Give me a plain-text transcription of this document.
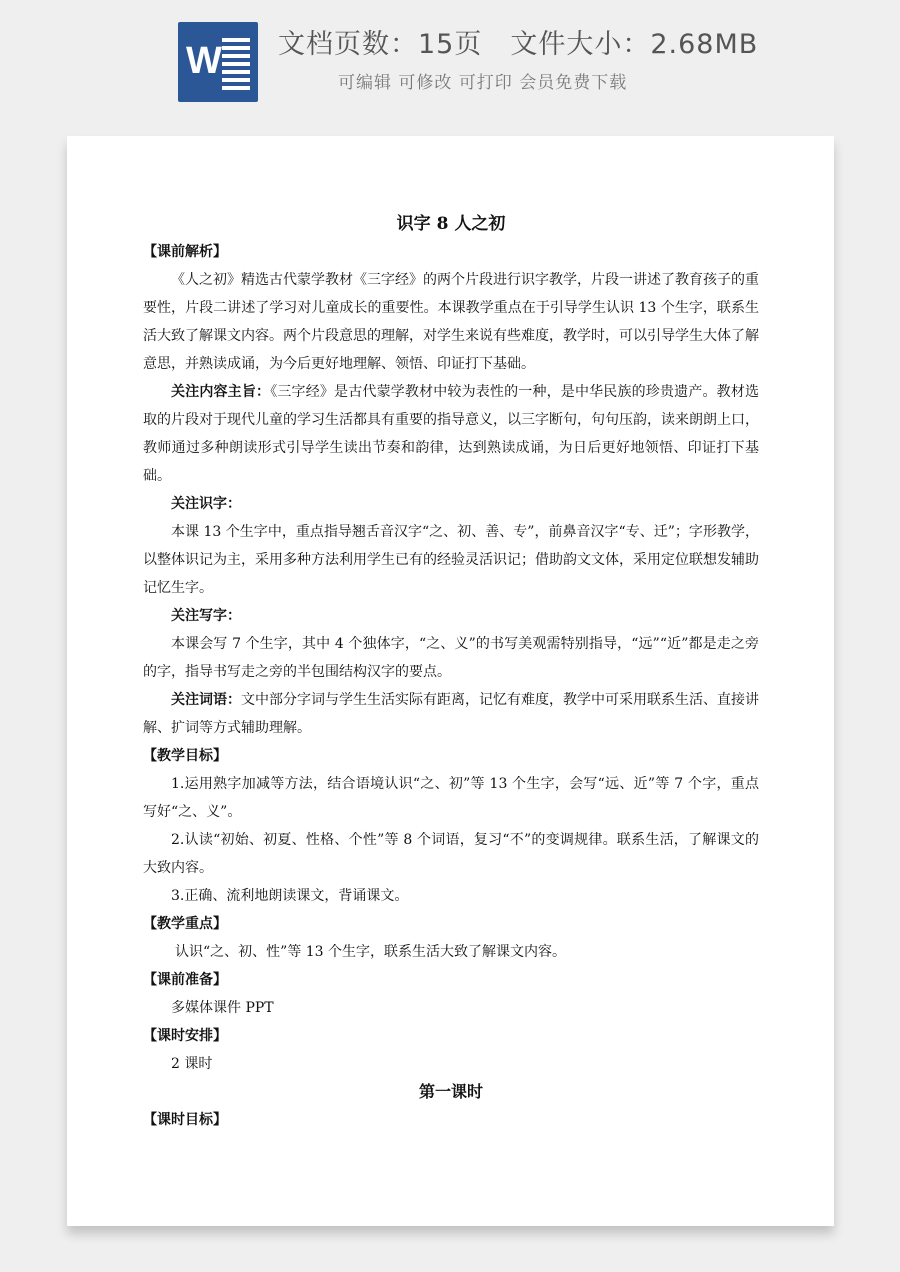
W 文档页数：15页 文件大小：2.68MB
可编辑 可修改 可打印 会员免费下载

识字 8 人之初

【课前解析】

《人之初》精选古代蒙学教材《三字经》的两个片段进行识字教学，片段一讲述了教育孩子的重要性，片段二讲述了学习对儿童成长的重要性。本课教学重点在于引导学生认识 13 个生字，联系生活大致了解课文内容。两个片段意思的理解，对学生来说有些难度，教学时，可以引导学生大体了解意思，并熟读成诵，为今后更好地理解、领悟、印证打下基础。

关注内容主旨：《三字经》是古代蒙学教材中较为表性的一种，是中华民族的珍贵遗产。教材选取的片段对于现代儿童的学习生活都具有重要的指导意义，以三字断句，句句压韵，读来朗朗上口，教师通过多种朗读形式引导学生读出节奏和韵律，达到熟读成诵，为日后更好地领悟、印证打下基础。

关注识字：

本课 13 个生字中，重点指导翘舌音汉字“之、初、善、专”，前鼻音汉字“专、迁”；字形教学，以整体识记为主，采用多种方法利用学生已有的经验灵活识记；借助韵文文体，采用定位联想发辅助记忆生字。

关注写字：

本课会写 7 个生字，其中 4 个独体字，“之、义”的书写美观需特别指导，“远”“近”都是走之旁的字，指导书写走之旁的半包围结构汉字的要点。

关注词语：文中部分字词与学生生活实际有距离，记忆有难度，教学中可采用联系生活、直接讲解、扩词等方式辅助理解。

【教学目标】

1.运用熟字加减等方法，结合语境认识“之、初”等 13 个生字，会写“远、近”等 7 个字，重点写好“之、义”。

2.认读“初始、初夏、性格、个性”等 8 个词语，复习“不”的变调规律。联系生活，了解课文的大致内容。

3.正确、流利地朗读课文，背诵课文。

【教学重点】

认识“之、初、性”等 13 个生字，联系生活大致了解课文内容。

【课前准备】

多媒体课件 PPT

【课时安排】

2 课时

第一课时

【课时目标】
